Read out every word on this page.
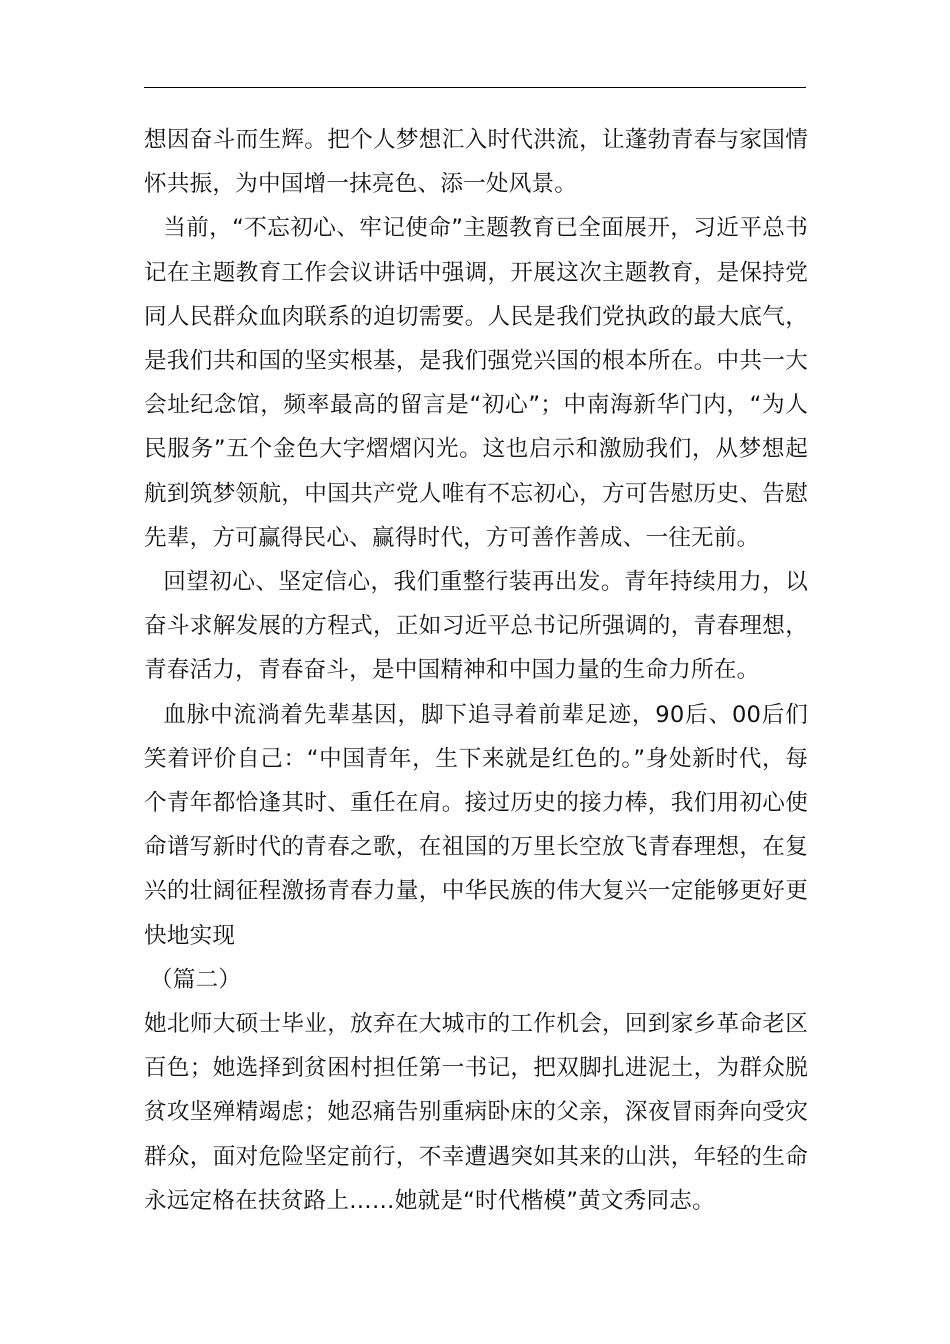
想因奋斗而生辉。把个人梦想汇入时代洪流，让蓬勃青春与家国情怀共振，为中国增一抹亮色、添一处风景。

当前，“不忘初心、牢记使命”主题教育已全面展开，习近平总书记在主题教育工作会议讲话中强调，开展这次主题教育，是保持党同人民群众血肉联系的迫切需要。人民是我们党执政的最大底气，是我们共和国的坚实根基，是我们强党兴国的根本所在。中共一大会址纪念馆，频率最高的留言是“初心”；中南海新华门内，“为人民服务”五个金色大字熠熠闪光。这也启示和激励我们，从梦想起航到筑梦领航，中国共产党人唯有不忘初心，方可告慰历史、告慰先辈，方可赢得民心、赢得时代，方可善作善成、一往无前。

回望初心、坚定信心，我们重整行装再出发。青年持续用力，以奋斗求解发展的方程式，正如习近平总书记所强调的，青春理想，青春活力，青春奋斗，是中国精神和中国力量的生命力所在。

血脉中流淌着先辈基因，脚下追寻着前辈足迹，90后、00后们笑着评价自己：“中国青年，生下来就是红色的。”身处新时代，每个青年都恰逢其时、重任在肩。接过历史的接力棒，我们用初心使命谱写新时代的青春之歌，在祖国的万里长空放飞青春理想，在复兴的壮阔征程激扬青春力量，中华民族的伟大复兴一定能够更好更快地实现

（篇二）

她北师大硕士毕业，放弃在大城市的工作机会，回到家乡革命老区百色；她选择到贫困村担任第一书记，把双脚扎进泥土，为群众脱贫攻坚殚精竭虑；她忍痛告别重病卧床的父亲，深夜冒雨奔向受灾群众，面对危险坚定前行，不幸遭遇突如其来的山洪，年轻的生命永远定格在扶贫路上……她就是“时代楷模”黄文秀同志。
